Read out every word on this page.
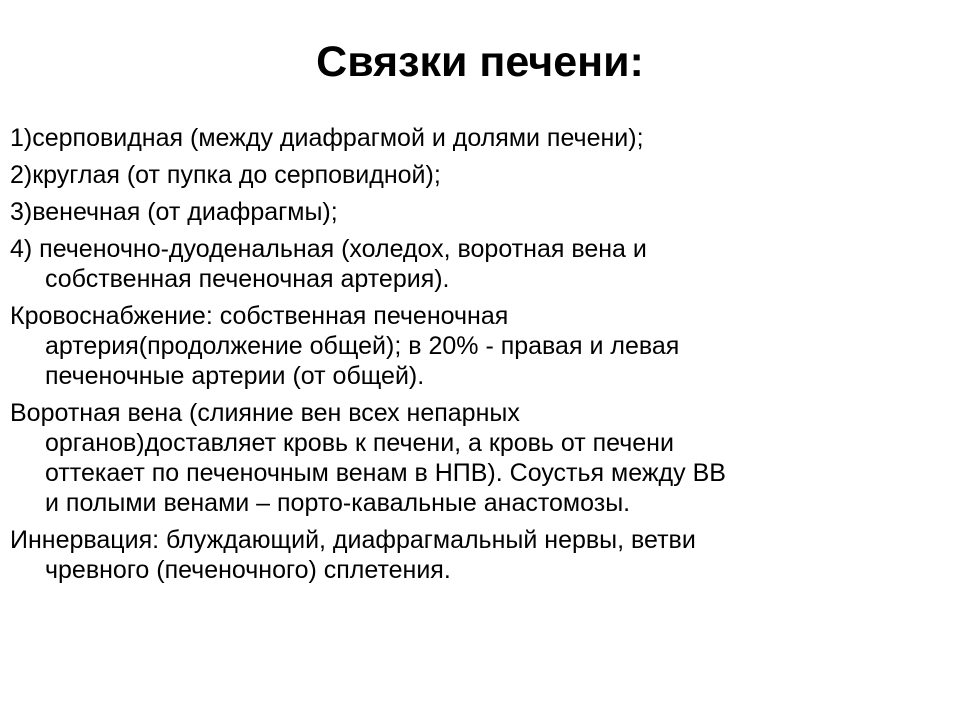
Связки печени:
1)серповидная (между диафрагмой и долями печени);
2)круглая (от пупка до серповидной);
3)венечная (от диафрагмы);
4) печеночно-дуоденальная (холедох, воротная вена и
собственная печеночная артерия).
Кровоснабжение: собственная печеночная
артерия(продолжение общей); в 20% - правая и левая
печеночные артерии (от общей).
Воротная вена (слияние вен всех непарных
органов)доставляет кровь к печени, а кровь от печени
оттекает по печеночным венам в НПВ). Соустья между ВВ
и полыми венами – порто-кавальные анастомозы.
Иннервация: блуждающий, диафрагмальный нервы, ветви
чревного (печеночного) сплетения.
